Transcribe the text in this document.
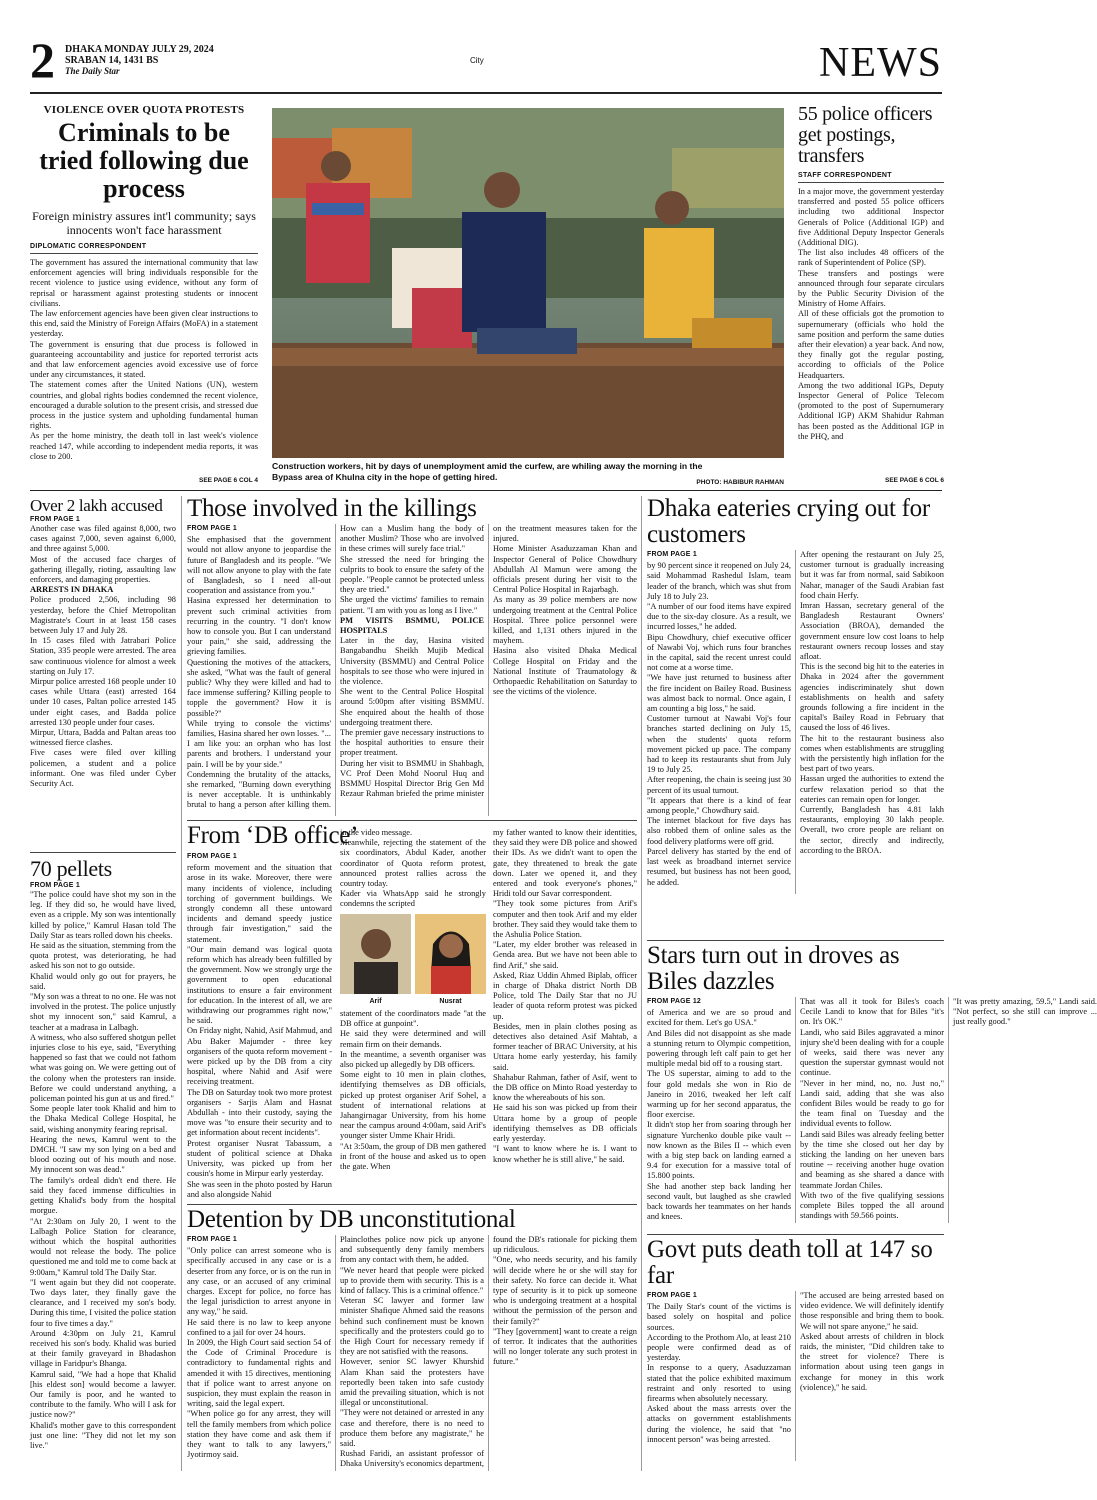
2 DHAKA MONDAY JULY 29, 2024
SRABAN 14, 1431 BS
The Daily Star
City	NEWS
VIOLENCE OVER QUOTA PROTESTS
Criminals to be tried following due process
Foreign ministry assures int'l community; says innocents won't face harassment
DIPLOMATIC CORRESPONDENT

The government has assured the international community that law enforcement agencies will bring individuals responsible for the recent violence to justice using evidence, without any form of reprisal or harassment against protesting students or innocent civilians.

The law enforcement agencies have been given clear instructions to this end, said the Ministry of Foreign Affairs (MoFA) in a statement yesterday.

The government is ensuring that due process is followed in guaranteeing accountability and justice for reported terrorist acts and that law enforcement agencies avoid excessive use of force under any circumstances, it stated.

The statement comes after the United Nations (UN), western countries, and global rights bodies condemned the recent violence, encouraged a durable solution to the present crisis, and stressed due process in the justice system and upholding fundamental human rights.

As per the home ministry, the death toll in last week's violence reached 147, while according to independent media reports, it was close to 200.

SEE PAGE 6 COL 4
Construction workers, hit by days of unemployment amid the curfew, are whiling away the morning in the Bypass area of Khulna city in the hope of getting hired.
PHOTO: HABIBUR RAHMAN
55 police officers get postings, transfers
STAFF CORRESPONDENT

In a major move, the government yesterday transferred and posted 55 police officers including two additional Inspector Generals of Police (Additional IGP) and five Additional Deputy Inspector Generals (Additional DIG).

The list also includes 48 officers of the rank of Superintendent of Police (SP).

These transfers and postings were announced through four separate circulars by the Public Security Division of the Ministry of Home Affairs.

All of these officials got the promotion to supernumerary (officials who hold the same position and perform the same duties after their elevation) a year back. And now, they finally got the regular posting, according to officials of the Police Headquarters.

Among the two additional IGPs, Deputy Inspector General of Police Telecom (promoted to the post of Supernumerary Additional IGP) AKM Shahidur Rahman has been posted as the Additional IGP in the PHQ, and

SEE PAGE 6 COL 6
Over 2 lakh accused
FROM PAGE 1

Another case was filed against 8,000, two cases against 7,000, seven against 6,000, and three against 5,000.

Most of the accused face charges of gathering illegally, rioting, assaulting law enforcers, and damaging properties.

ARRESTS IN DHAKA

Police produced 2,506, including 98 yesterday, before the Chief Metropolitan Magistrate's Court in at least 158 cases between July 17 and July 28.

In 15 cases filed with Jatrabari Police Station, 335 people were arrested. The area saw continuous violence for almost a week starting on July 17.

Mirpur police arrested 168 people under 10 cases while Uttara (east) arrested 164 under 10 cases, Paltan police arrested 145 under eight cases, and Badda police arrested 130 people under four cases.

Mirpur, Uttara, Badda and Paltan areas too witnessed fierce clashes.

Five cases were filed over killing policemen, a student and a police informant. One was filed under Cyber Security Act.

70 pellets
FROM PAGE 1

"The police could have shot my son in the leg. If they did so, he would have lived, even as a cripple. My son was intentionally killed by police," Kamrul Hasan told The Daily Star as tears rolled down his cheeks.

He said as the situation, stemming from the quota protest, was deteriorating, he had asked his son not to go outside.

Khalid would only go out for prayers, he said.

"My son was a threat to no one. He was not involved in the protest. The police unjustly shot my innocent son," said Kamrul, a teacher at a madrasa in Lalbagh.

A witness, who also suffered shotgun pellet injuries close to his eye, said, "Everything happened so fast that we could not fathom what was going on. We were getting out of the colony when the protesters ran inside. Before we could understand anything, a policeman pointed his gun at us and fired."

Some people later took Khalid and him to the Dhaka Medical College Hospital, he said, wishing anonymity fearing reprisal.

Hearing the news, Kamrul went to the DMCH. "I saw my son lying on a bed and blood oozing out of his mouth and nose. My innocent son was dead."

The family's ordeal didn't end there. He said they faced immense difficulties in getting Khalid's body from the hospital morgue.

"At 2:30am on July 20, I went to the Lalbagh Police Station for clearance, without which the hospital authorities would not release the body. The police questioned me and told me to come back at 9:00am," Kamrul told The Daily Star.

"I went again but they did not cooperate. Two days later, they finally gave the clearance, and I received my son's body. During this time, I visited the police station four to five times a day."

Around 4:30pm on July 21, Kamrul received his son's body. Khalid was buried at their family graveyard in Bhadashon village in Faridpur's Bhanga.

Kamrul said, "We had a hope that Khalid [his eldest son] would become a lawyer. Our family is poor, and he wanted to contribute to the family. Who will I ask for justice now?"

Khalid's mother gave to this correspondent just one line: "They did not let my son live."

Those involved in the killings
FROM PAGE 1

She emphasised that the government would not allow anyone to jeopardise the future of Bangladesh and its people. "We will not allow anyone to play with the fate of Bangladesh, so I need all-out cooperation and assistance from you."

Hasina expressed her determination to prevent such criminal activities from recurring in the country. "I don't know how to console you. But I can understand your pain," she said, addressing the grieving families.

Questioning the motives of the attackers, she asked, "What was the fault of general public? Why they were killed and had to face immense suffering? Killing people to topple the government? How it is possible?"

While trying to console the victims' families, Hasina shared her own losses. "... I am like you: an orphan who has lost parents and brothers. I understand your pain. I will be by your side."

Condemning the brutality of the attacks, she remarked, "Burning down everything is never acceptable. It is unthinkably brutal to hang a person after killing them. How can a Muslim hang the body of another Muslim? Those who are involved in these crimes will surely face trial."

She stressed the need for bringing the culprits to book to ensure the safety of the people. "People cannot be protected unless they are tried."

She urged the victims' families to remain patient. "I am with you as long as I live."

PM VISITS BSMMU, POLICE HOSPITALS

Later in the day, Hasina visited Bangabandhu Sheikh Mujib Medical University (BSMMU) and Central Police hospitals to see those who were injured in the violence.

She went to the Central Police Hospital around 5:00pm after visiting BSMMU. She enquired about the health of those undergoing treatment there.

The premier gave necessary instructions to the hospital authorities to ensure their proper treatment.

During her visit to BSMMU in Shahbagh, VC Prof Deen Mohd Noorul Huq and BSMMU Hospital Director Brig Gen Md Rezaur Rahman briefed the prime minister on the treatment measures taken for the injured.

Home Minister Asaduzzaman Khan and Inspector General of Police Chowdhury Abdullah Al Mamun were among the officials present during her visit to the Central Police Hospital in Rajarbagh.

As many as 39 police members are now undergoing treatment at the Central Police Hospital. Three police personnel were killed, and 1,131 others injured in the mayhem.

Hasina also visited Dhaka Medical College Hospital on Friday and the National Institute of Traumatology & Orthopaedic Rehabilitation on Saturday to see the victims of the violence.

From ‘DB office’
FROM PAGE 1

reform movement and the situation that arose in its wake. Moreover, there were many incidents of violence, including torching of government buildings. We strongly condemn all these untoward incidents and demand speedy justice through fair investigation," said the statement.

"Our main demand was logical quota reform which has already been fulfilled by the government. Now we strongly urge the government to open educational institutions to ensure a fair environment for education. In the interest of all, we are withdrawing our programmes right now," he said.

On Friday night, Nahid, Asif Mahmud, and Abu Baker Majumder - three key organisers of the quota reform movement - were picked up by the DB from a city hospital, where Nahid and Asif were receiving treatment.

The DB on Saturday took two more protest organisers - Sarjis Alam and Hasnat Abdullah - into their custody, saying the move was "to ensure their security and to get information about recent incidents".

Protest organiser Nusrat Tabassum, a student of political science at Dhaka University, was picked up from her cousin's home in Mirpur early yesterday.

She was seen in the photo posted by Harun and also alongside Nahid

in the video message.

Meanwhile, rejecting the statement of the six coordinators, Abdul Kader, another coordinator of Quota reform protest, announced protest rallies across the country today.

Kader via WhatsApp said he strongly condemns the scripted

Arif	Nusrat

statement of the coordinators made "at the DB office at gunpoint".

He said they were determined and will remain firm on their demands.

In the meantime, a seventh organiser was also picked up allegedly by DB officers.

Some eight to 10 men in plain clothes, identifying themselves as DB officials, picked up protest organiser Arif Sohel, a student of international relations at Jahangirnagar University, from his home near the campus around 4:00am, said Arif's younger sister Umme Khair Hridi.

"At 3:50am, the group of DB men gathered in front of the house and asked us to open the gate. When

my father wanted to know their identities, they said they were DB police and showed their IDs. As we didn't want to open the gate, they threatened to break the gate down. Later we opened it, and they entered and took everyone's phones," Hridi told our Savar correspondent.

"They took some pictures from Arif's computer and then took Arif and my elder brother. They said they would take them to the Ashulia Police Station.

"Later, my elder brother was released in Genda area. But we have not been able to find Arif," she said.

Asked, Riaz Uddin Ahmed Biplab, officer in charge of Dhaka district North DB Police, told The Daily Star that no JU leader of quota reform protest was picked up.

Besides, men in plain clothes posing as detectives also detained Asif Mahtab, a former teacher of BRAC University, at his Uttara home early yesterday, his family said.

Shahabur Rahman, father of Asif, went to the DB office on Minto Road yesterday to know the whereabouts of his son.

He said his son was picked up from their Uttara home by a group of people identifying themselves as DB officials early yesterday.

"I want to know where he is. I want to know whether he is still alive," he said.

Detention by DB unconstitutional
FROM PAGE 1

"Only police can arrest someone who is specifically accused in any case or is a deserter from any force, or is on the run in any case, or an accused of any criminal charges. Except for police, no force has the legal jurisdiction to arrest anyone in any way," he said.

He said there is no law to keep anyone confined to a jail for over 24 hours.

In 2009, the High Court said section 54 of the Code of Criminal Procedure is contradictory to fundamental rights and amended it with 15 directives, mentioning that if police want to arrest anyone on suspicion, they must explain the reason in writing, said the legal expert.

"When police go for any arrest, they will tell the family members from which police station they have come and ask them if they want to talk to any lawyers," Jyotirmoy said.

Plainclothes police now pick up anyone and subsequently deny family members from any contact with them, he added.

"We never heard that people were picked up to provide them with security. This is a kind of fallacy. This is a criminal offence."

Veteran SC lawyer and former law minister Shafique Ahmed said the reasons behind such confinement must be known specifically and the protesters could go to the High Court for necessary remedy if they are not satisfied with the reasons.

However, senior SC lawyer Khurshid Alam Khan said the protesters have reportedly been taken into safe custody amid the prevailing situation, which is not illegal or unconstitutional.

"They were not detained or arrested in any case and therefore, there is no need to produce them before any magistrate," he said.

Rushad Faridi, an assistant professor of Dhaka University's economics department, found the DB's rationale for picking them up ridiculous.

"One, who needs security, and his family will decide where he or she will stay for their safety. No force can decide it. What type of security is it to pick up someone who is undergoing treatment at a hospital without the permission of the person and their family?"

"They [government] want to create a reign of terror. It indicates that the authorities will no longer tolerate any such protest in future."

Dhaka eateries crying out for customers
FROM PAGE 1

by 90 percent since it reopened on July 24, said Mohammad Rashedul Islam, team leader of the branch, which was shut from July 18 to July 23.

"A number of our food items have expired due to the six-day closure. As a result, we incurred losses," he added.

Bipu Chowdhury, chief executive officer of Nawabi Voj, which runs four branches in the capital, said the recent unrest could not come at a worse time.

"We have just returned to business after the fire incident on Bailey Road. Business was almost back to normal. Once again, I am counting a big loss," he said.

Customer turnout at Nawabi Voj's four branches started declining on July 15, when the students' quota reform movement picked up pace. The company had to keep its restaurants shut from July 19 to July 25.

After reopening, the chain is seeing just 30 percent of its usual turnout.

"It appears that there is a kind of fear among people," Chowdhury said.

The internet blackout for five days has also robbed them of online sales as the food delivery platforms were off grid.

Parcel delivery has started by the end of last week as broadband internet service resumed, but business has not been good, he added.

After opening the restaurant on July 25, customer turnout is gradually increasing but it was far from normal, said Sabikoon Nahar, manager of the Saudi Arabian fast food chain Herfy.

Imran Hassan, secretary general of the Bangladesh Restaurant Owners' Association (BROA), demanded the government ensure low cost loans to help restaurant owners recoup losses and stay afloat.

This is the second big hit to the eateries in Dhaka in 2024 after the government agencies indiscriminately shut down establishments on health and safety grounds following a fire incident in the capital's Bailey Road in February that caused the loss of 46 lives.

The hit to the restaurant business also comes when establishments are struggling with the persistently high inflation for the best part of two years.

Hassan urged the authorities to extend the curfew relaxation period so that the eateries can remain open for longer.

Currently, Bangladesh has 4.81 lakh restaurants, employing 30 lakh people. Overall, two crore people are reliant on the sector, directly and indirectly, according to the BROA.

Stars turn out in droves as Biles dazzles
FROM PAGE 12

of America and we are so proud and excited for them. Let's go USA."

And Biles did not disappoint as she made a stunning return to Olympic competition, powering through left calf pain to get her multiple medal bid off to a rousing start.

The US superstar, aiming to add to the four gold medals she won in Rio de Janeiro in 2016, tweaked her left calf warming up for her second apparatus, the floor exercise.

It didn't stop her from soaring through her signature Yurchenko double pike vault -- now known as the Biles II -- which even with a big step back on landing earned a 9.4 for execution for a massive total of 15.800 points.

She had another step back landing her second vault, but laughed as she crawled back towards her teammates on her hands and knees.

That was all it took for Biles's coach Cecile Landi to know that for Biles "it's on. It's OK."

Landi, who said Biles aggravated a minor injury she'd been dealing with for a couple of weeks, said there was never any question the superstar gymnast would not continue.

"Never in her mind, no, no. Just no," Landi said, adding that she was also confident Biles would be ready to go for the team final on Tuesday and the individual events to follow.

Landi said Biles was already feeling better by the time she closed out her day by sticking the landing on her uneven bars routine -- receiving another huge ovation and beaming as she shared a dance with teammate Jordan Chiles.

With two of the five qualifying sessions complete Biles topped the all around standings with 59.566 points.

"It was pretty amazing, 59.5," Landi said. "Not perfect, so she still can improve ... just really good."

Govt puts death toll at 147 so far
FROM PAGE 1

The Daily Star's count of the victims is based solely on hospital and police sources.

According to the Prothom Alo, at least 210 people were confirmed dead as of yesterday.

In response to a query, Asaduzzaman stated that the police exhibited maximum restraint and only resorted to using firearms when absolutely necessary.

Asked about the mass arrests over the attacks on government establishments during the violence, he said that "no innocent person" was being arrested.

"The accused are being arrested based on video evidence. We will definitely identify those responsible and bring them to book. We will not spare anyone," he said.

Asked about arrests of children in block raids, the minister, "Did children take to the street for violence? There is information about using teen gangs in exchange for money in this work (violence)," he said.
